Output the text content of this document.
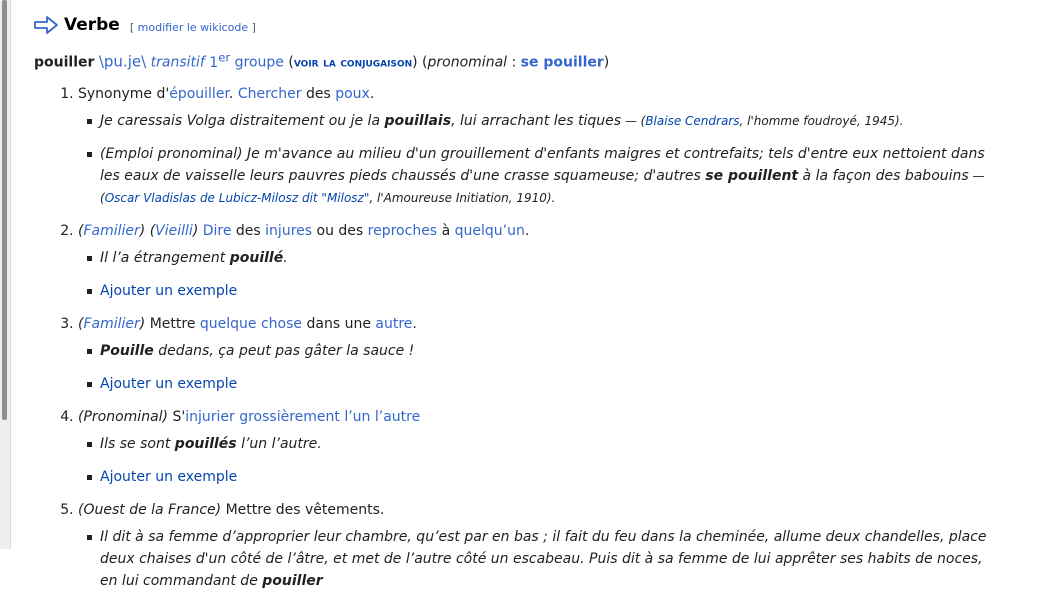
Verbe [ modifier le wikicode ]
pouiller \pu.je\ transitif 1er groupe (voir la conjugaison) (pronominal : se pouiller)
1. Synonyme d'épouiller. Chercher des poux.
Je caressais Volga distraitement ou je la pouillais, lui arrachant les tiques — (Blaise Cendrars, l'homme foudroyé, 1945).
(Emploi pronominal) Je m'avance au milieu d'un grouillement d'enfants maigres et contrefaits; tels d'entre eux nettoient dans les eaux de vaisselle leurs pauvres pieds chaussés d'une crasse squameuse; d'autres se pouillent à la façon des babouins — (Oscar Vladislas de Lubicz-Milosz dit "Milosz", l'Amoureuse Initiation, 1910).
2. (Familier) (Vieilli) Dire des injures ou des reproches à quelqu’un.
Il l’a étrangement pouillé.
Ajouter un exemple
3. (Familier) Mettre quelque chose dans une autre.
Pouille dedans, ça peut pas gâter la sauce !
Ajouter un exemple
4. (Pronominal) S'injurier grossièrement l’un l’autre
Ils se sont pouillés l’un l’autre.
Ajouter un exemple
5. (Ouest de la France) Mettre des vêtements.
Il dit à sa femme d’approprier leur chambre, qu’est par en bas ; il fait du feu dans la cheminée, allume deux chandelles, place deux chaises d'un côté de l’âtre, et met de l’autre côté un escabeau. Puis dit à sa femme de lui apprêter ses habits de noces, en lui commandant de pouiller
